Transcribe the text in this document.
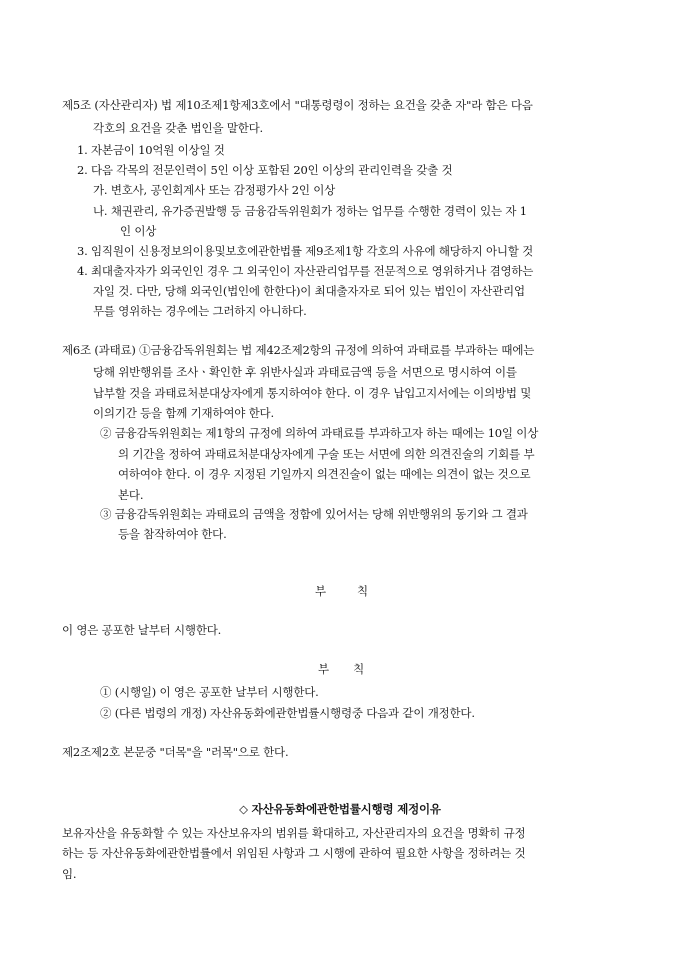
제5조 (자산관리자) 법 제10조제1항제3호에서 "대통령령이 정하는 요건을 갖춘 자"라 함은 다음
각호의 요건을 갖춘 법인을 말한다.
1. 자본금이 10억원 이상일 것
2. 다음 각목의 전문인력이 5인 이상 포함된 20인 이상의 관리인력을 갖출 것
가. 변호사, 공인회계사 또는 감정평가사 2인 이상
나. 채권관리, 유가증권발행 등 금융감독위원회가 정하는 업무를 수행한 경력이 있는 자 1
인 이상
3. 임직원이 신용정보의이용및보호에관한법률 제9조제1항 각호의 사유에 해당하지 아니할 것
4. 최대출자자가 외국인인 경우 그 외국인이 자산관리업무를 전문적으로 영위하거나 겸영하는
자일 것. 다만, 당해 외국인(법인에 한한다)이 최대출자자로 되어 있는 법인이 자산관리업
무를 영위하는 경우에는 그러하지 아니하다.
제6조 (과태료) ①금융감독위원회는 법 제42조제2항의 규정에 의하여 과태료를 부과하는 때에는
당해 위반행위를 조사ㆍ확인한 후 위반사실과 과태료금액 등을 서면으로 명시하여 이를
납부할 것을 과태료처분대상자에게 통지하여야 한다. 이 경우 납입고지서에는 이의방법 및
이의기간 등을 함께 기재하여야 한다.
② 금융감독위원회는 제1항의 규정에 의하여 과태료를 부과하고자 하는 때에는 10일 이상
의 기간을 정하여 과태료처분대상자에게 구술 또는 서면에 의한 의견진술의 기회를 부
여하여야 한다. 이 경우 지정된 기일까지 의견진술이 없는 때에는 의견이 없는 것으로
본다.
③ 금융감독위원회는 과태료의 금액을 정함에 있어서는 당해 위반행위의 동기와 그 결과
등을 참작하여야 한다.
부         칙
이 영은 공포한 날부터 시행한다.
부       칙
① (시행일) 이 영은 공포한 날부터 시행한다.
② (다른 법령의 개정) 자산유동화에관한법률시행령중 다음과 같이 개정한다.
제2조제2호 본문중 "더목"을 "러목"으로 한다.
◇ 자산유동화에관한법률시행령 제정이유
보유자산을 유동화할 수 있는 자산보유자의 범위를 확대하고, 자산관리자의 요건을 명확히 규정
하는 등 자산유동화에관한법률에서 위임된 사항과 그 시행에 관하여 필요한 사항을 정하려는 것
임.
